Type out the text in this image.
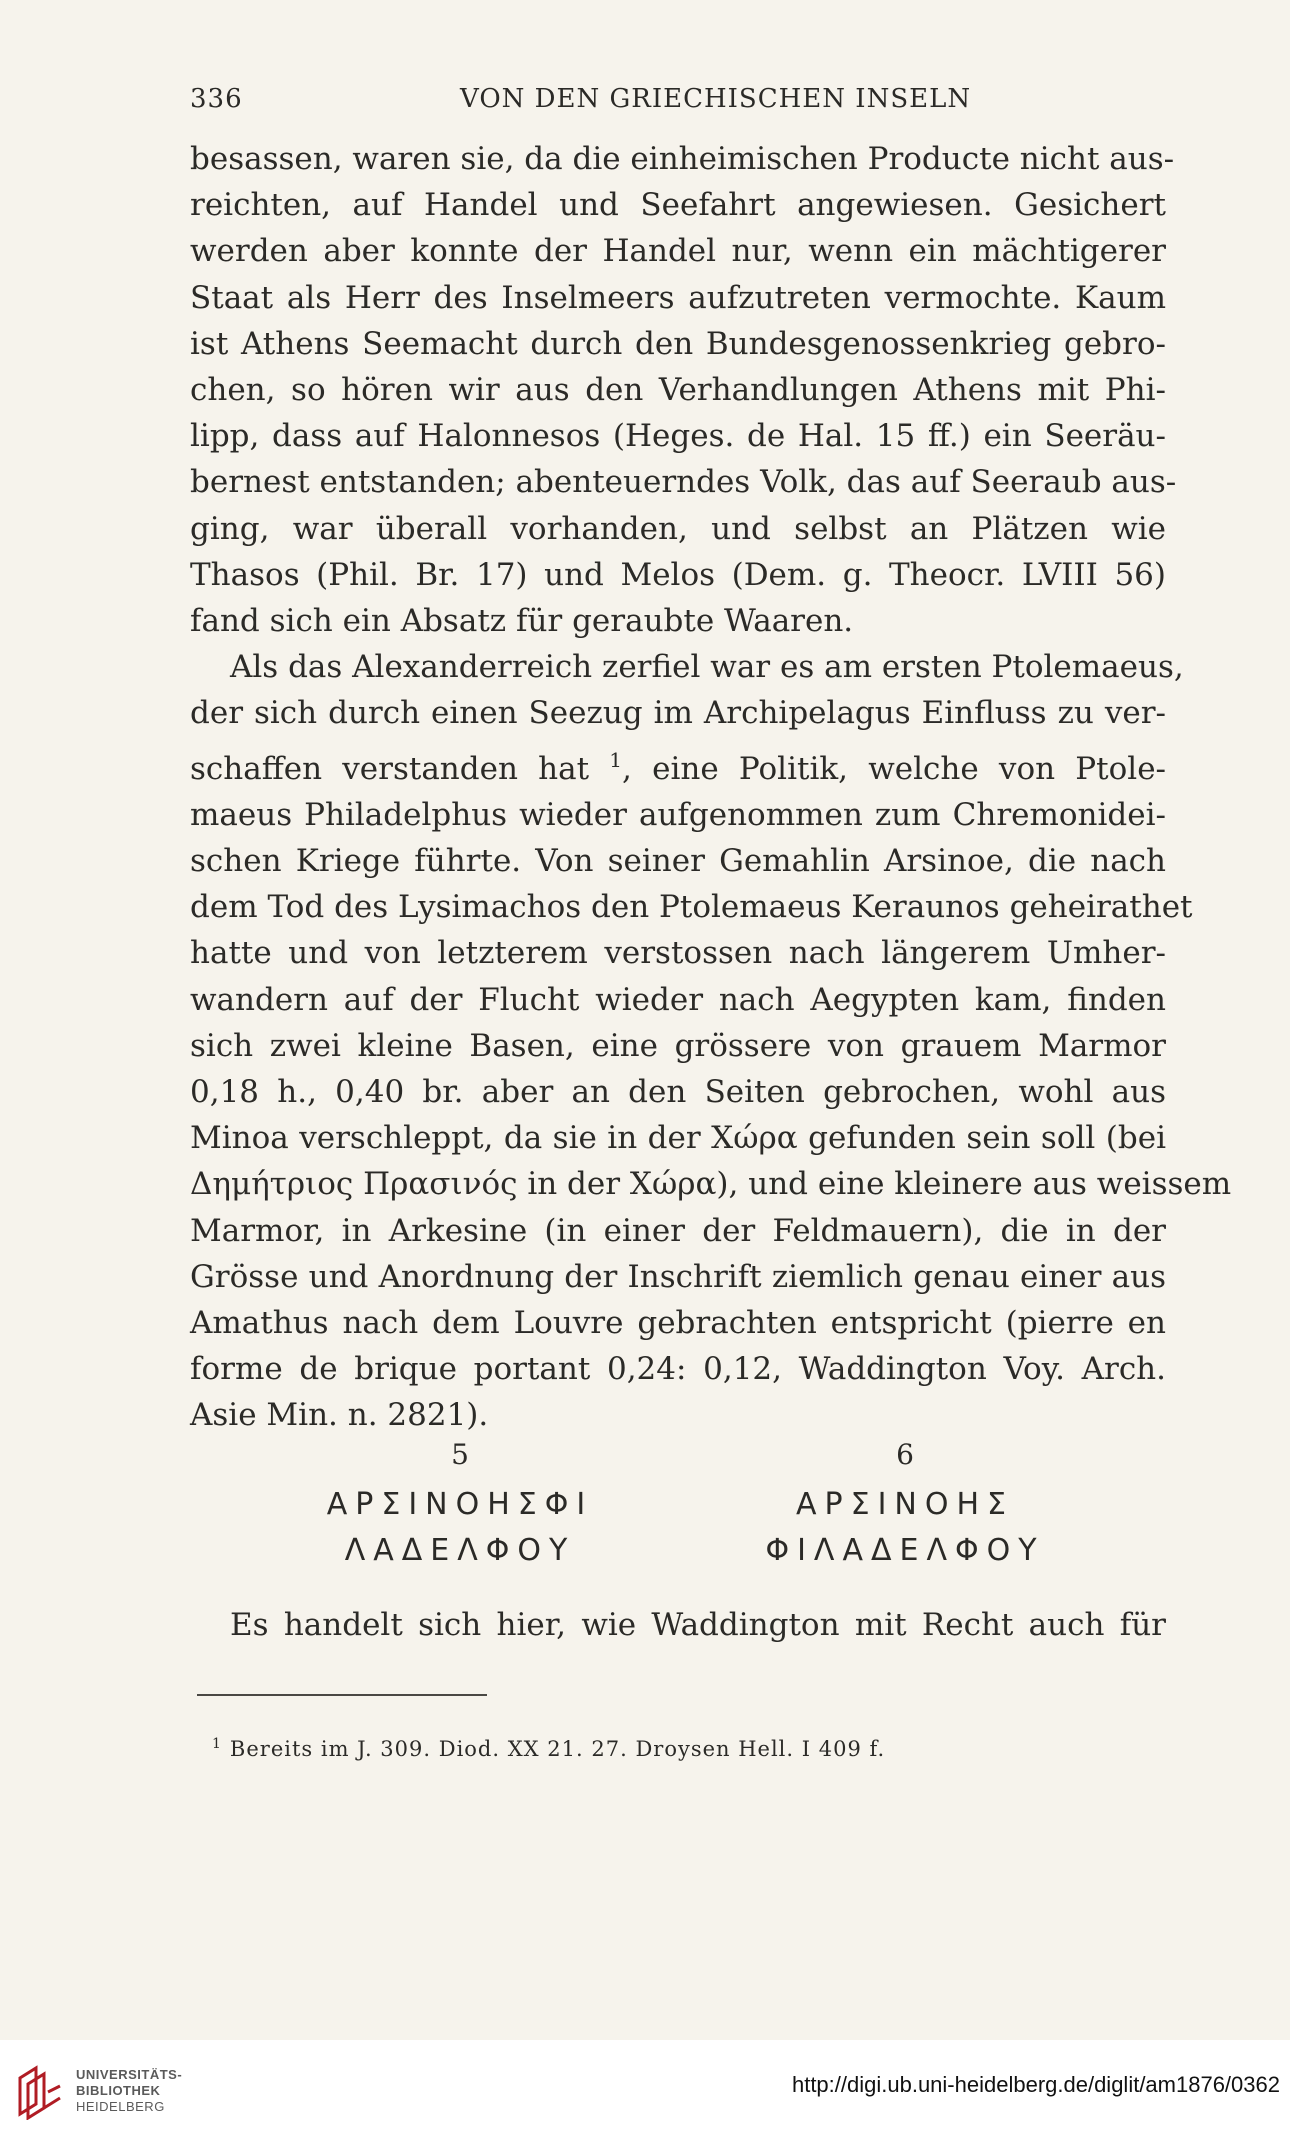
336	VON DEN GRIECHISCHEN INSELN
besassen, waren sie, da die einheimischen Producte nicht aus-
reichten, auf Handel und Seefahrt angewiesen. Gesichert
werden aber konnte der Handel nur, wenn ein mächtigerer
Staat als Herr des Inselmeers aufzutreten vermochte. Kaum
ist Athens Seemacht durch den Bundesgenossenkrieg gebro-
chen, so hören wir aus den Verhandlungen Athens mit Phi-
lipp, dass auf Halonnesos (Heges. de Hal. 15 ff.) ein Seeräu-
bernest entstanden; abenteuerndes Volk, das auf Seeraub aus-
ging, war überall vorhanden, und selbst an Plätzen wie
Thasos (Phil. Br. 17) und Melos (Dem. g. Theocr. LVIII 56)
fand sich ein Absatz für geraubte Waaren.
Als das Alexanderreich zerfiel war es am ersten Ptolemaeus,
der sich durch einen Seezug im Archipelagus Einfluss zu ver-
schaffen verstanden hat $^1$, eine Politik, welche von Ptole-
maeus Philadelphus wieder aufgenommen zum Chremonidei-
schen Kriege führte. Von seiner Gemahlin Arsinoe, die nach
dem Tod des Lysimachos den Ptolemaeus Keraunos geheirathet
hatte und von letzterem verstossen nach längerem Umher-
wandern auf der Flucht wieder nach Aegypten kam, finden
sich zwei kleine Basen, eine grössere von grauem Marmor
0,18 h., 0,40 br. aber an den Seiten gebrochen, wohl aus
Minoa verschleppt, da sie in der Χώρα gefunden sein soll (bei
Δημήτριος Πρασινός in der Χώρα), und eine kleinere aus weissem
Marmor, in Arkesine (in einer der Feldmauern), die in der
Grösse und Anordnung der Inschrift ziemlich genau einer aus
Amathus nach dem Louvre gebrachten entspricht (pierre en
forme de brique portant 0,24: 0,12, Waddington Voy. Arch.
Asie Min. n. 2821).
5
ΑΡΣΙΝΟΗΣΦΙ
ΛΑΔΕΛΦΟΥ
6
ΑΡΣΙΝΟΗΣ
ΦΙΛΑΔΕΛΦΟΥ
Es handelt sich hier, wie Waddington mit Recht auch für
$^1$ Bereits im J. 309. Diod. XX 21. 27. Droysen Hell. I 409 f.
UNIVERSITÄTS-
BIBLIOTHEK
HEIDELBERG
http://digi.ub.uni-heidelberg.de/diglit/am1876/0362
